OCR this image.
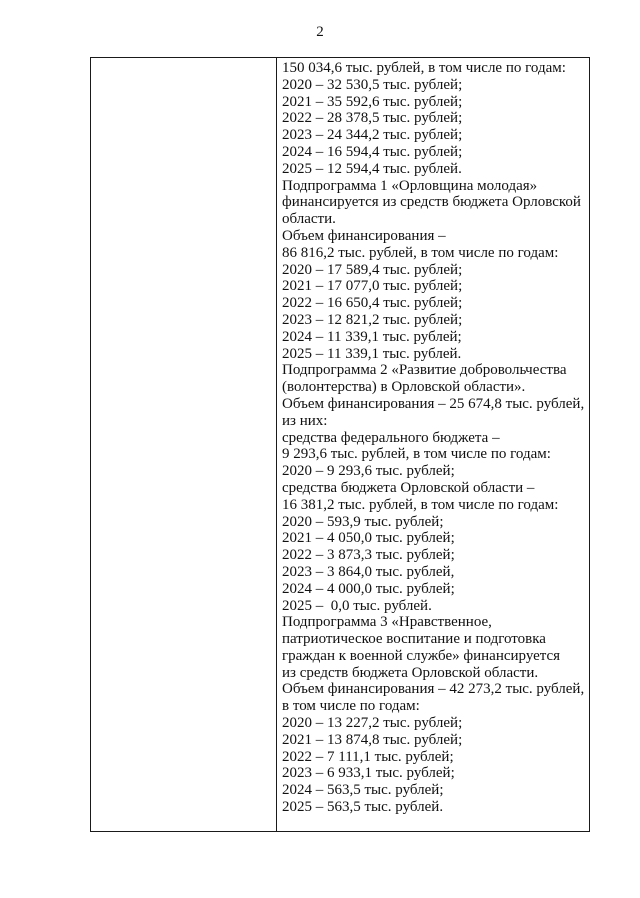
2
150 034,6 тыс. рублей, в том числе по годам:
2020 – 32 530,5 тыс. рублей;
2021 – 35 592,6 тыс. рублей;
2022 – 28 378,5 тыс. рублей;
2023 – 24 344,2 тыс. рублей;
2024 – 16 594,4 тыс. рублей;
2025 – 12 594,4 тыс. рублей.
Подпрограмма 1 «Орловщина молодая»
финансируется из средств бюджета Орловской
области.
Объем финансирования –
86 816,2 тыс. рублей, в том числе по годам:
2020 – 17 589,4 тыс. рублей;
2021 – 17 077,0 тыс. рублей;
2022 – 16 650,4 тыс. рублей;
2023 – 12 821,2 тыс. рублей;
2024 – 11 339,1 тыс. рублей;
2025 – 11 339,1 тыс. рублей.
Подпрограмма 2 «Развитие добровольчества
(волонтерства) в Орловской области».
Объем финансирования – 25 674,8 тыс. рублей,
из них:
средства федерального бюджета –
9 293,6 тыс. рублей, в том числе по годам:
2020 – 9 293,6 тыс. рублей;
средства бюджета Орловской области –
16 381,2 тыс. рублей, в том числе по годам:
2020 – 593,9 тыс. рублей;
2021 – 4 050,0 тыс. рублей;
2022 – 3 873,3 тыс. рублей;
2023 – 3 864,0 тыс. рублей,
2024 – 4 000,0 тыс. рублей;
2025 –  0,0 тыс. рублей.
Подпрограмма 3 «Нравственное,
патриотическое воспитание и подготовка
граждан к военной службе» финансируется
из средств бюджета Орловской области.
Объем финансирования – 42 273,2 тыс. рублей,
в том числе по годам:
2020 – 13 227,2 тыс. рублей;
2021 – 13 874,8 тыс. рублей;
2022 – 7 111,1 тыс. рублей;
2023 – 6 933,1 тыс. рублей;
2024 – 563,5 тыс. рублей;
2025 – 563,5 тыс. рублей.
